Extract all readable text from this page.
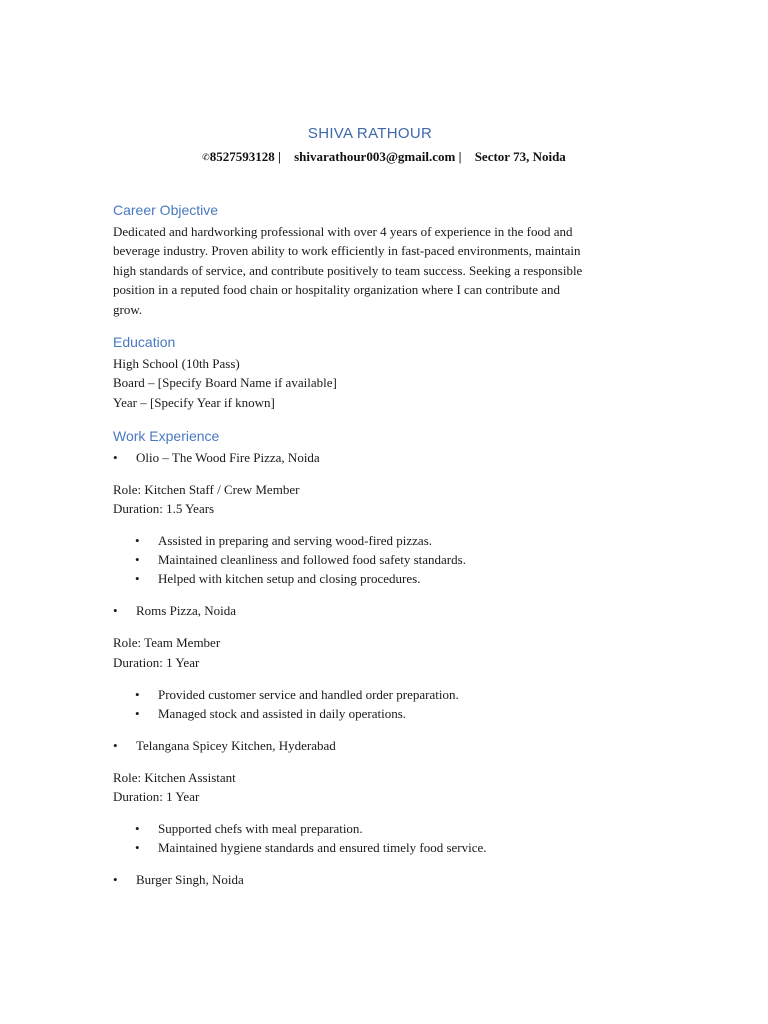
SHIVA RATHOUR
✆8527593128 | shivarathour003@gmail.com | Sector 73, Noida
Career Objective
Dedicated and hardworking professional with over 4 years of experience in the food and
beverage industry. Proven ability to work efficiently in fast-paced environments, maintain
high standards of service, and contribute positively to team success. Seeking a responsible
position in a reputed food chain or hospitality organization where I can contribute and
grow.
Education
High School (10th Pass)
Board – [Specify Board Name if available]
Year – [Specify Year if known]
Work Experience
• Olio – The Wood Fire Pizza, Noida
Role: Kitchen Staff / Crew Member
Duration: 1.5 Years
• Assisted in preparing and serving wood-fired pizzas.
• Maintained cleanliness and followed food safety standards.
• Helped with kitchen setup and closing procedures.
• Roms Pizza, Noida
Role: Team Member
Duration: 1 Year
• Provided customer service and handled order preparation.
• Managed stock and assisted in daily operations.
• Telangana Spicey Kitchen, Hyderabad
Role: Kitchen Assistant
Duration: 1 Year
• Supported chefs with meal preparation.
• Maintained hygiene standards and ensured timely food service.
• Burger Singh, Noida
